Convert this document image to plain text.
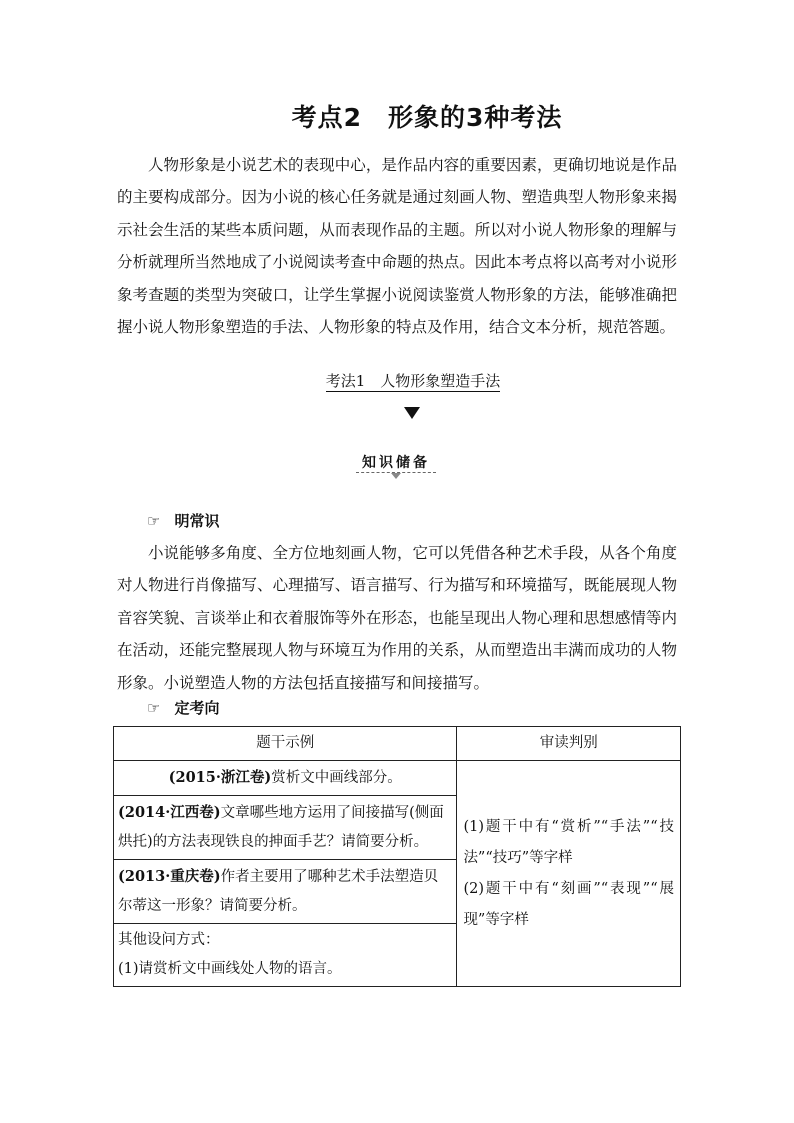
考点2　形象的3种考法

人物形象是小说艺术的表现中心，是作品内容的重要因素，更确切地说是作品的主要构成部分。因为小说的核心任务就是通过刻画人物、塑造典型人物形象来揭示社会生活的某些本质问题，从而表现作品的主题。所以对小说人物形象的理解与分析就理所当然地成了小说阅读考查中命题的热点。因此本考点将以高考对小说形象考查题的类型为突破口，让学生掌握小说阅读鉴赏人物形象的方法，能够准确把握小说人物形象塑造的手法、人物形象的特点及作用，结合文本分析，规范答题。

考法1　人物形象塑造手法
知识储备
☞ 明常识

小说能够多角度、全方位地刻画人物，它可以凭借各种艺术手段，从各个角度对人物进行肖像描写、心理描写、语言描写、行为描写和环境描写，既能展现人物音容笑貌、言谈举止和衣着服饰等外在形态，也能呈现出人物心理和思想感情等内在活动，还能完整展现人物与环境互为作用的关系，从而塑造出丰满而成功的人物形象。小说塑造人物的方法包括直接描写和间接描写。

☞ 定考向
题干示例	审读判别
(2015·浙江卷)赏析文中画线部分。	(1)题干中有“赏析”“手法”“技法”“技巧”等字样
(2)题干中有“刻画”“表现”“展现”等字样

(2014·江西卷)文章哪些地方运用了间接描写(侧面烘托)的方法表现铁良的抻面手艺？请简要分析。	
(2013·重庆卷)作者主要用了哪种艺术手法塑造贝尔蒂这一形象？请简要分析。	

其他设问方式：
(1)请赏析文中画线处人物的语言。	
